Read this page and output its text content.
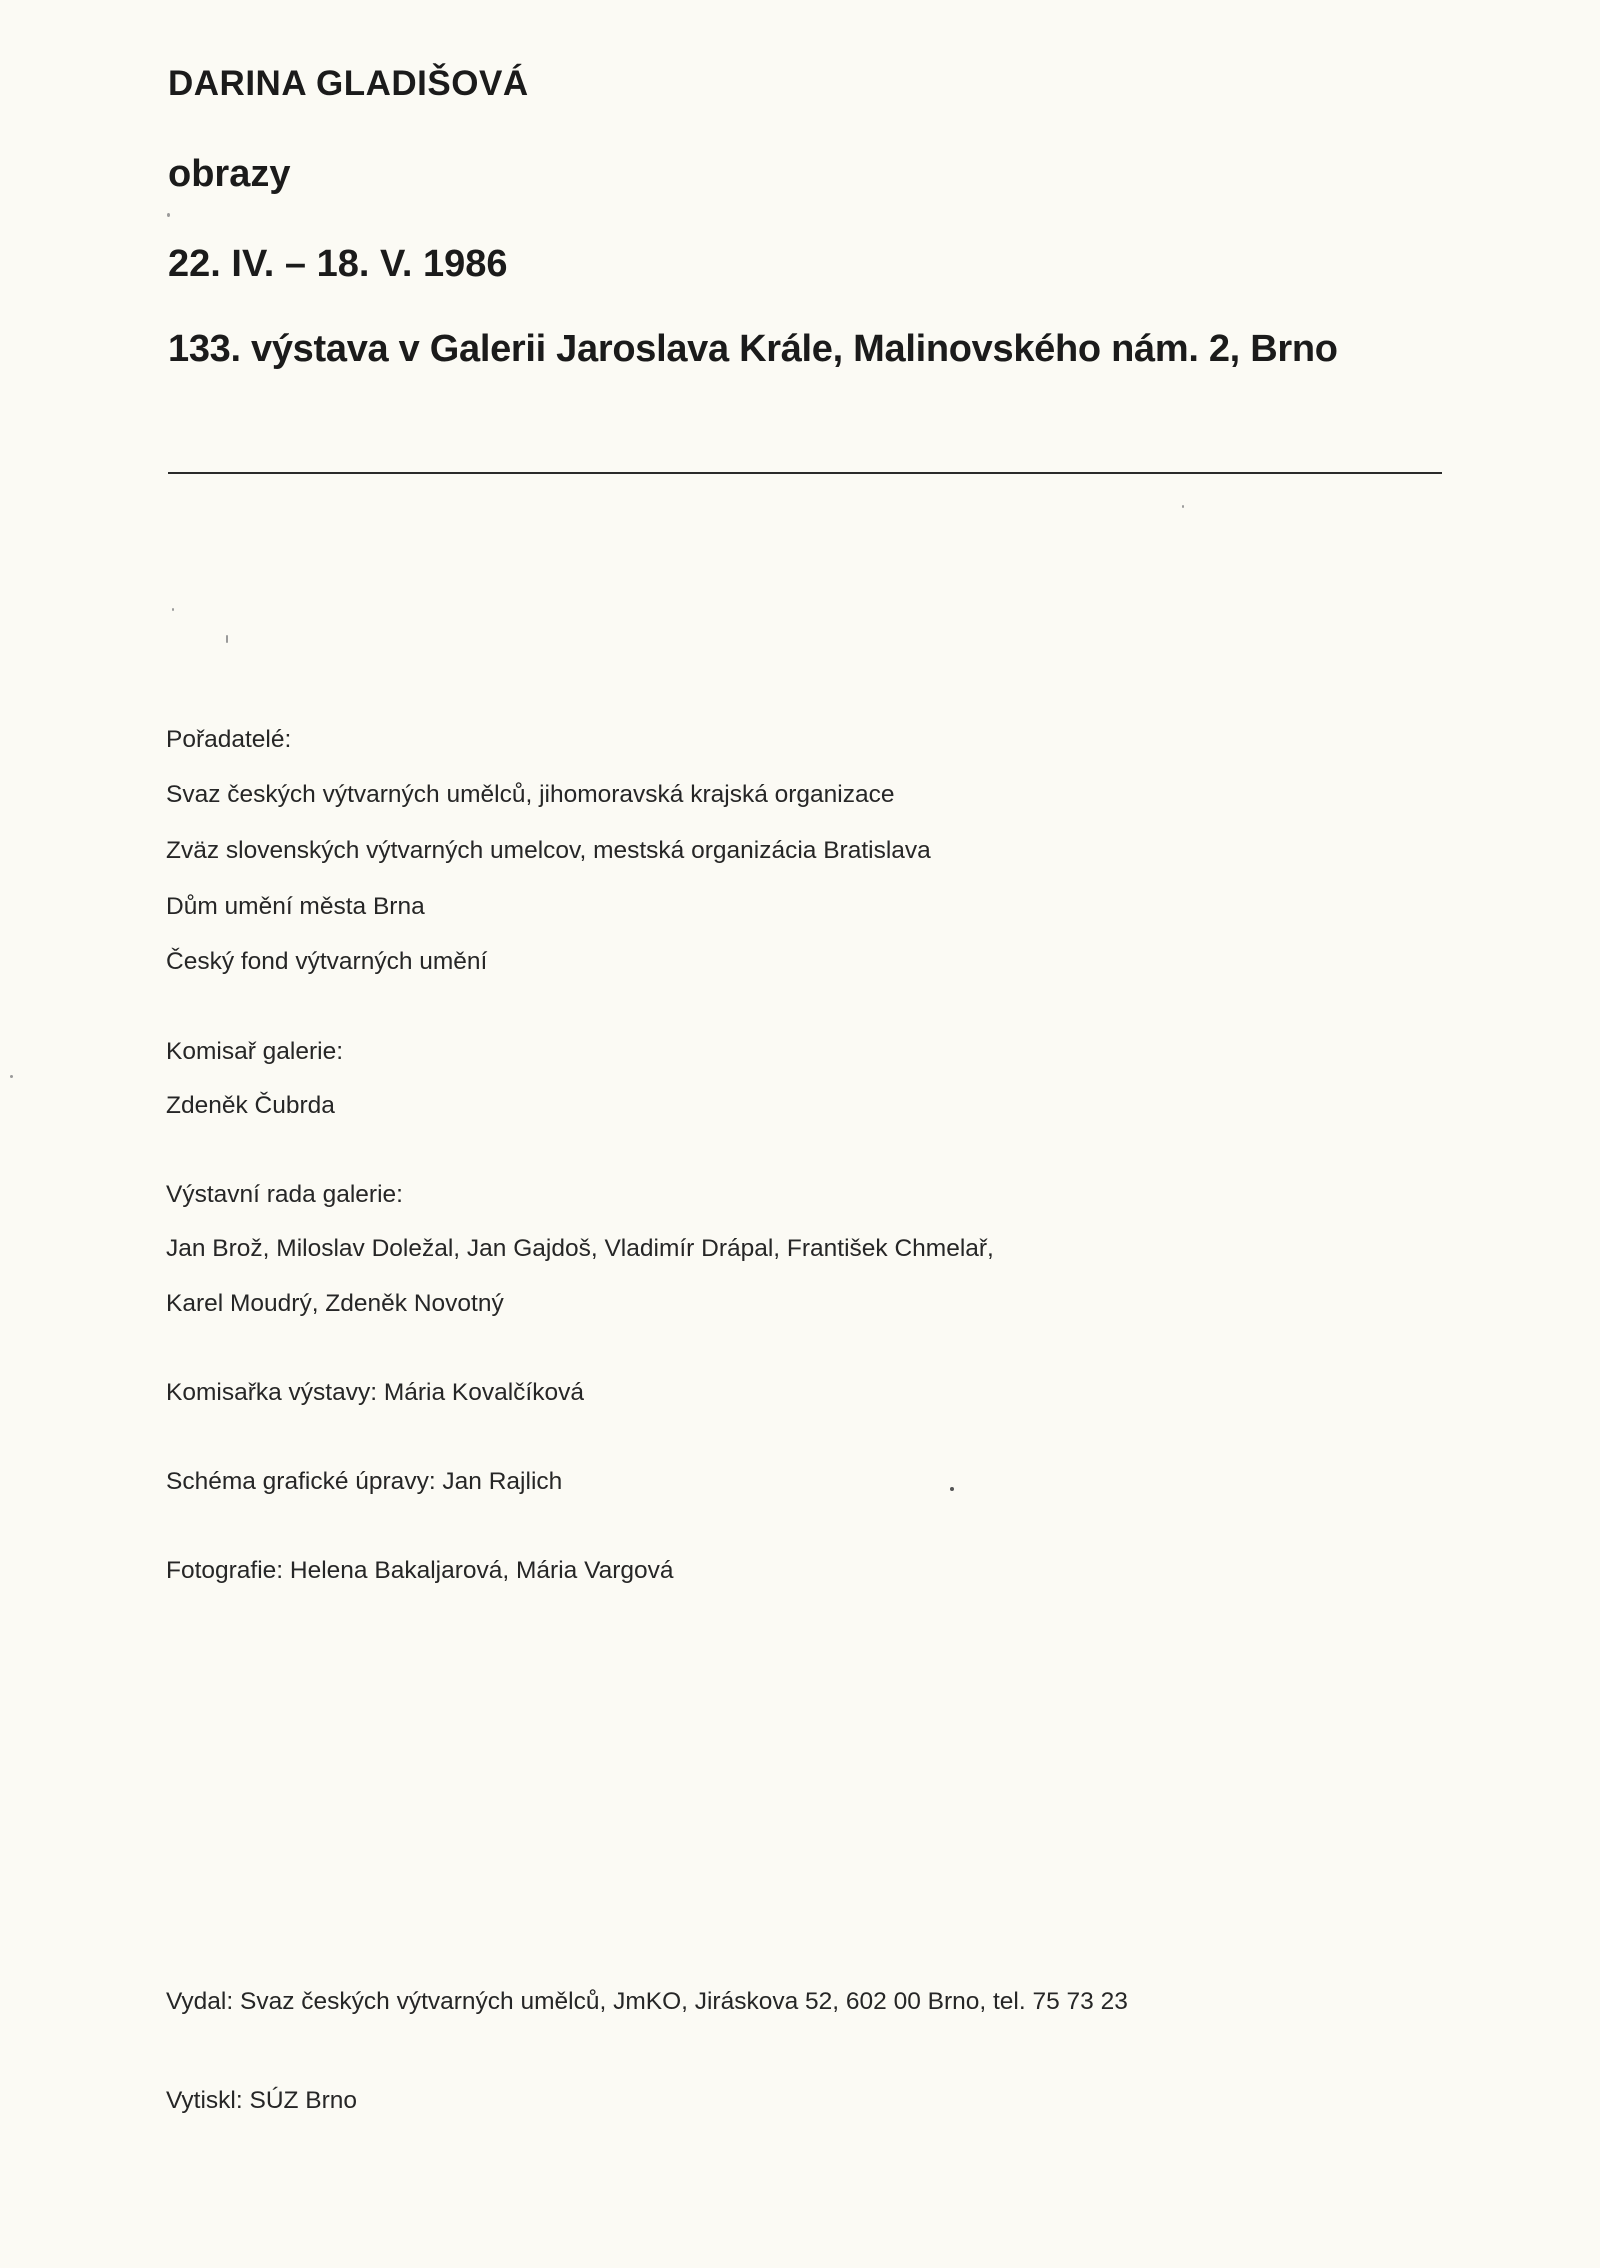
DARINA GLADIŠOVÁ
obrazy
22. IV. – 18. V. 1986
133. výstava v Galerii Jaroslava Krále, Malinovského nám. 2, Brno
Pořadatelé:
Svaz českých výtvarných umělců, jihomoravská krajská organizace
Zväz slovenských výtvarných umelcov, mestská organizácia Bratislava
Dům umění města Brna
Český fond výtvarných umění
Komisař galerie:
Zdeněk Čubrda
Výstavní rada galerie:
Jan Brož, Miloslav Doležal, Jan Gajdoš, Vladimír Drápal, František Chmelař,
Karel Moudrý, Zdeněk Novotný
Komisařka výstavy: Mária Kovalčíková
Schéma grafické úpravy: Jan Rajlich
Fotografie: Helena Bakaljarová, Mária Vargová
Vydal: Svaz českých výtvarných umělců, JmKO, Jiráskova 52, 602 00 Brno, tel. 75 73 23
Vytiskl: SÚZ Brno
